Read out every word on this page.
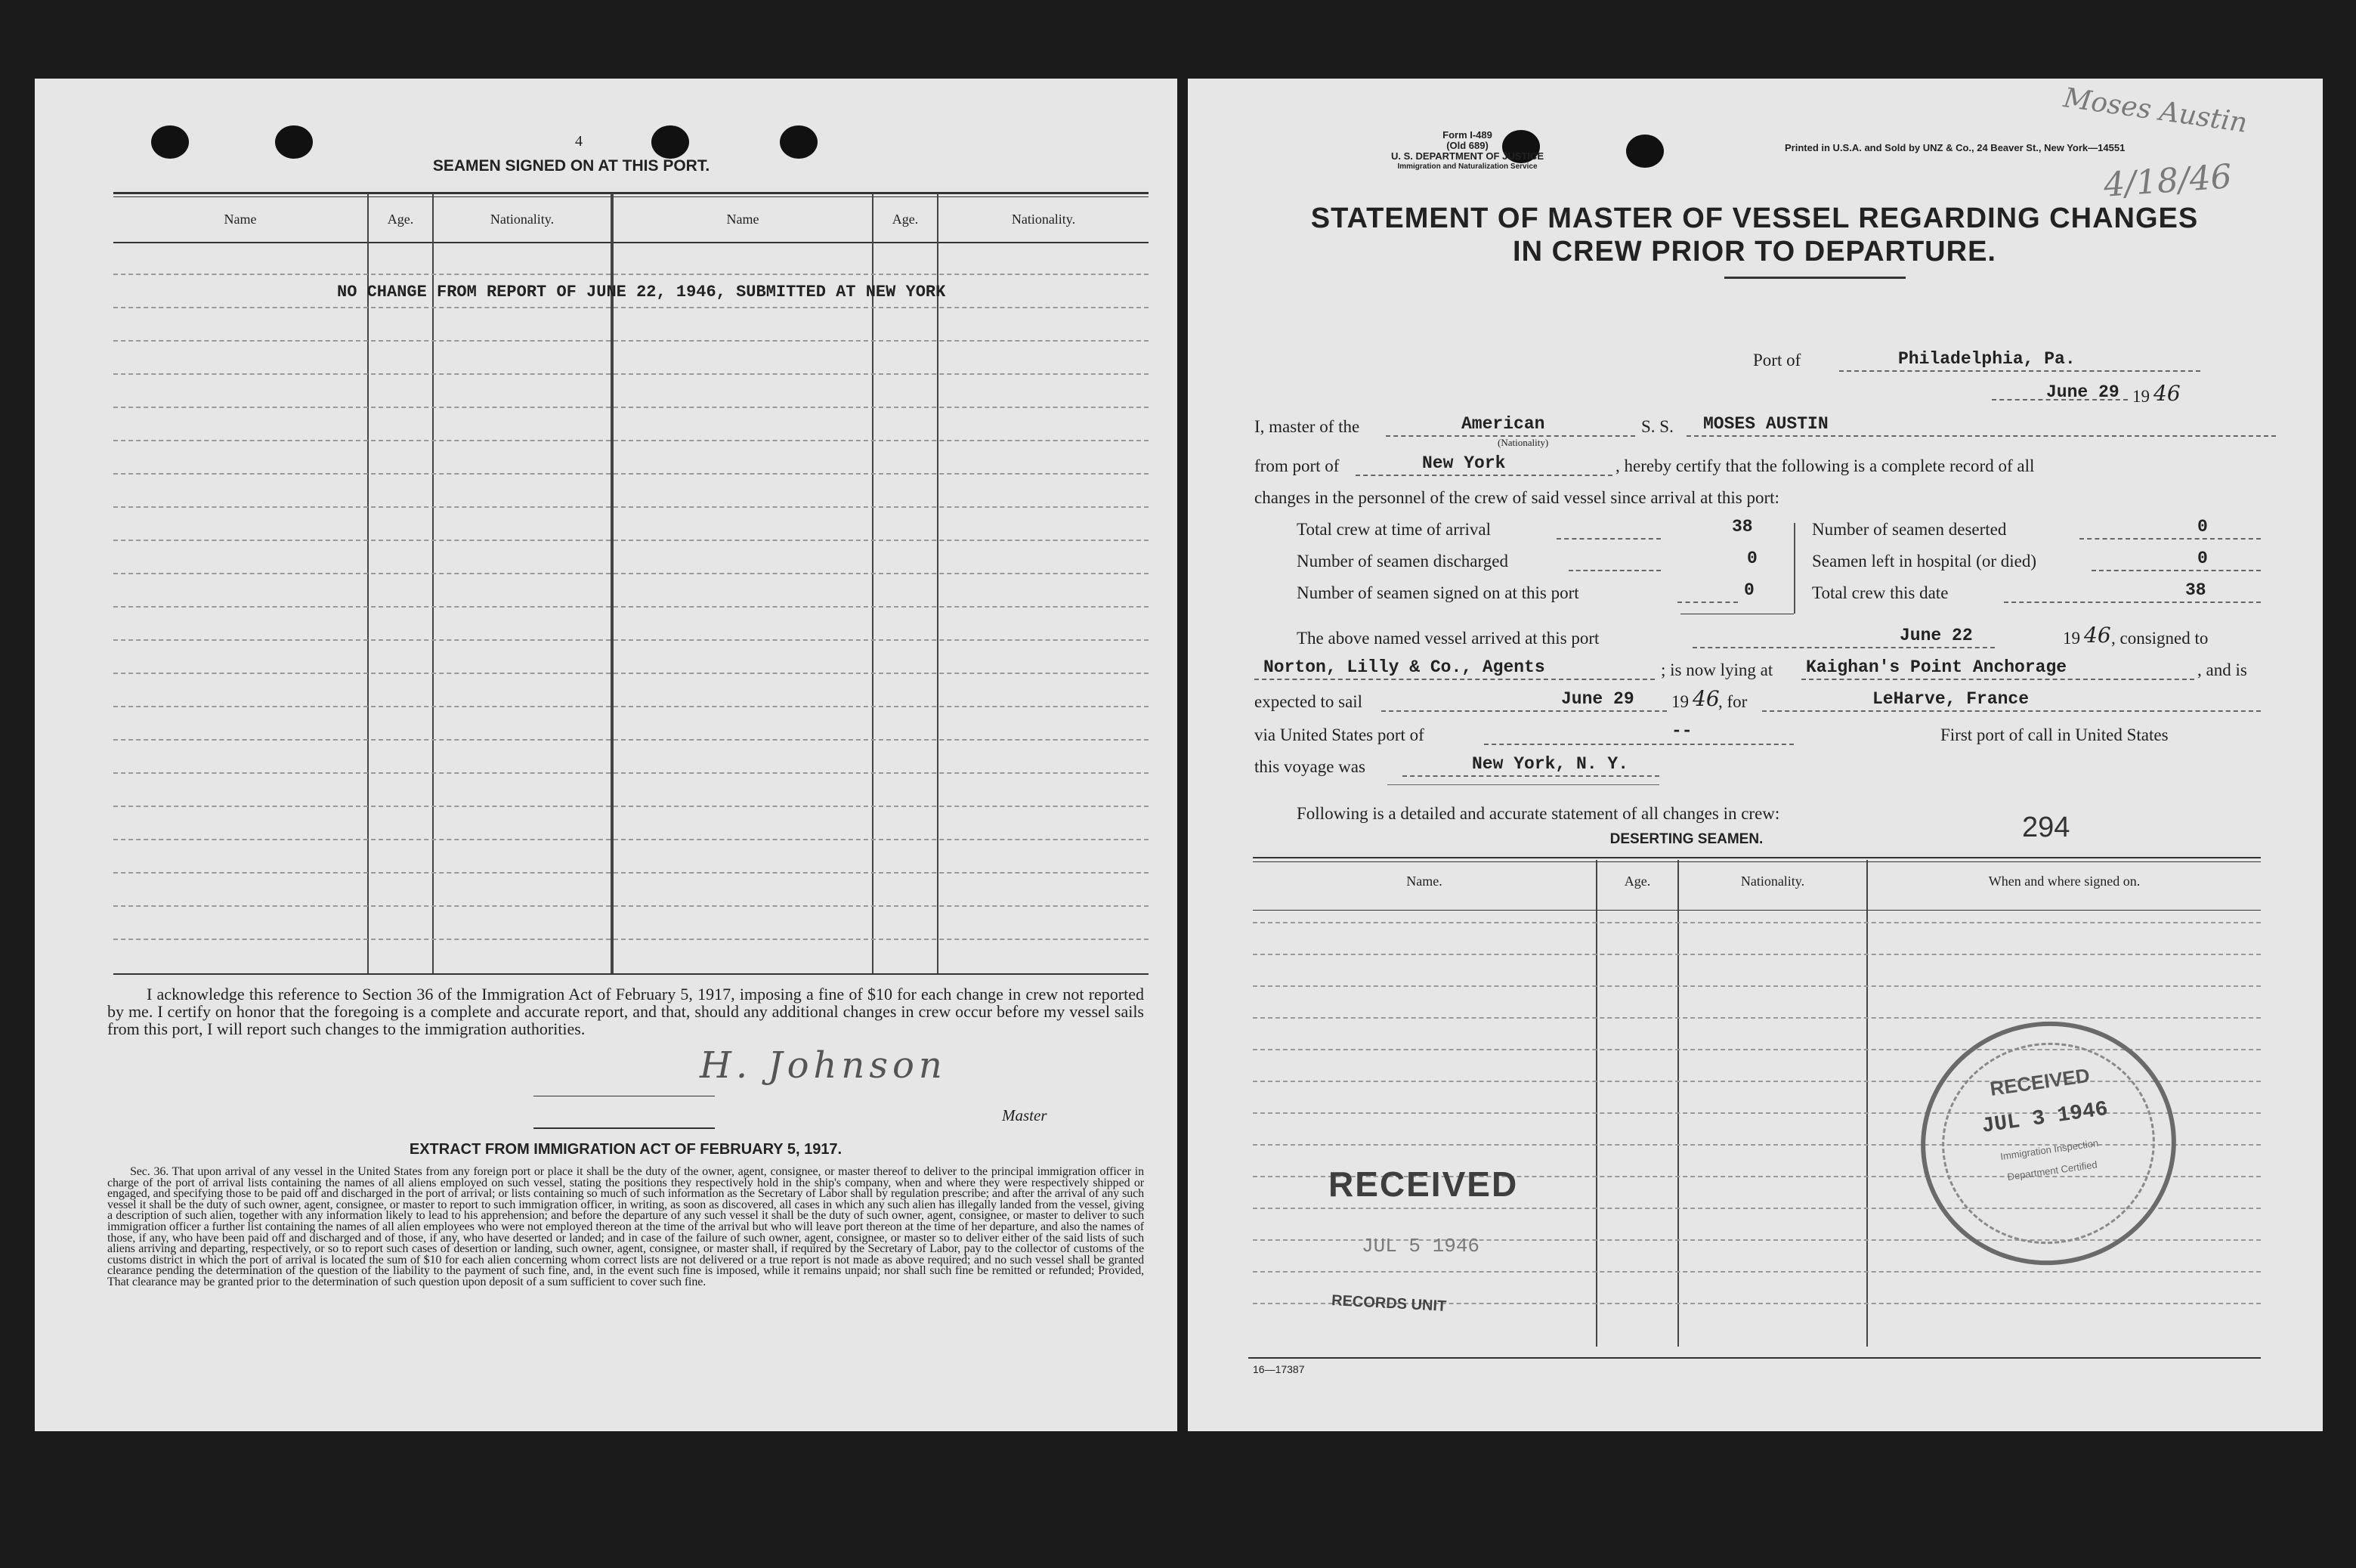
4
SEAMEN SIGNED ON AT THIS PORT.
Name	Age.	Nationality.	Name	Age.	Nationality.
NO CHANGE FROM REPORT OF JUNE 22, 1946, SUBMITTED AT NEW YORK
I acknowledge this reference to Section 36 of the Immigration Act of February 5, 1917, imposing a fine of $10 for each change in crew not reported by me. I certify on honor that the foregoing is a complete and accurate report, and that, should any additional changes in crew occur before my vessel sails from this port, I will report such changes to the immigration authorities.
H. Johnson
Master
EXTRACT FROM IMMIGRATION ACT OF FEBRUARY 5, 1917.
Sec. 36. That upon arrival of any vessel in the United States from any foreign port or place it shall be the duty of the owner, agent, consignee, or master thereof to deliver to the principal immigration officer in charge of the port of arrival lists containing the names of all aliens employed on such vessel, stating the positions they respectively hold in the ship's company, when and where they were respectively shipped or engaged, and specifying those to be paid off and discharged in the port of arrival; or lists containing so much of such information as the Secretary of Labor shall by regulation prescribe; and after the arrival of any such vessel it shall be the duty of such owner, agent, consignee, or master to report to such immigration officer, in writing, as soon as discovered, all cases in which any such alien has illegally landed from the vessel, giving a description of such alien, together with any information likely to lead to his apprehension; and before the departure of any such vessel it shall be the duty of such owner, agent, consignee, or master to deliver to such immigration officer a further list containing the names of all alien employees who were not employed thereon at the time of the arrival but who will leave port thereon at the time of her departure, and also the names of those, if any, who have been paid off and discharged and of those, if any, who have deserted or landed; and in case of the failure of such owner, agent, consignee, or master so to deliver either of the said lists of such aliens arriving and departing, respectively, or so to report such cases of desertion or landing, such owner, agent, consignee, or master shall, if required by the Secretary of Labor, pay to the collector of customs of the customs district in which the port of arrival is located the sum of $10 for each alien concerning whom correct lists are not delivered or a true report is not made as above required; and no such vessel shall be granted clearance pending the determination of the question of the liability to the payment of such fine, and, in the event such fine is imposed, while it remains unpaid; nor shall such fine be remitted or refunded; Provided, That clearance may be granted prior to the determination of such question upon deposit of a sum sufficient to cover such fine.
Form I-489
(Old 689)
U. S. DEPARTMENT OF JUSTICE
Immigration and Naturalization Service
Printed in U.S.A. and Sold by UNZ & Co., 24 Beaver St., New York—14551
Moses Austin
4/18/46
STATEMENT OF MASTER OF VESSEL REGARDING CHANGES
IN CREW PRIOR TO DEPARTURE.
Port of	Philadelphia, Pa.
June 29 19 46
I, master of the	American
(Nationality)
S. S. MOSES AUSTIN
from port of	New York	, hereby certify that the following is a complete record of all
changes in the personnel of the crew of said vessel since arrival at this port:
Total crew at time of arrival	38
Number of seamen discharged	0
Number of seamen signed on at this port	0
Number of seamen deserted	0
Seamen left in hospital (or died)	0
Total crew this date	38
The above named vessel arrived at this port	June 22	19 46 , consigned to
Norton, Lilly & Co., Agents	; is now lying at Kaighan's Point Anchorage	, and is
expected to sail	June 29 19 46
, for	LeHarve, France
via United States port of	--	First port of call in United States
this voyage was	New York, N. Y.
Following is a detailed and accurate statement of all changes in crew:	294
DESERTING SEAMEN.
Name.	Age.	Nationality.	When and where signed on.
RECEIVED
JUL 5 1946
RECORDS UNIT
RECEIVED
JUL 3 1946
Immigration Inspection
Department Certified
16—17387
